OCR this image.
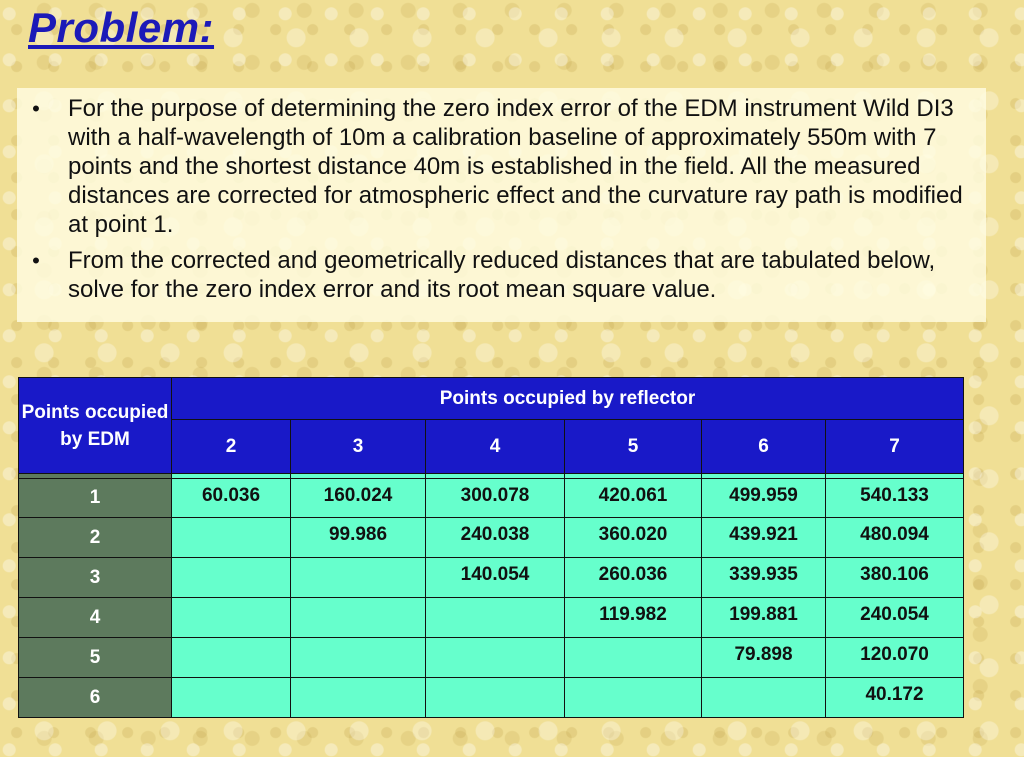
Problem:
• For the purpose of determining the zero index error of the EDM instrument Wild DI3 with a half-wavelength of 10m a calibration baseline of approximately 550m with 7 points and the shortest distance 40m is established in the field. All the measured distances are corrected for atmospheric effect and the curvature ray path is modified at point 1.
• From the corrected and geometrically reduced distances that are tabulated below, solve for the zero index error and its root mean square value.
Points occupied by EDM	Points occupied by reflector					
	2	3	4	5	6	7

1	60.036	160.024	300.078	420.061	499.959	540.133
2		99.986	240.038	360.020	439.921	480.094
3			140.054	260.036	339.935	380.106
4				119.982	199.881	240.054
5					79.898	120.070
6						40.172
